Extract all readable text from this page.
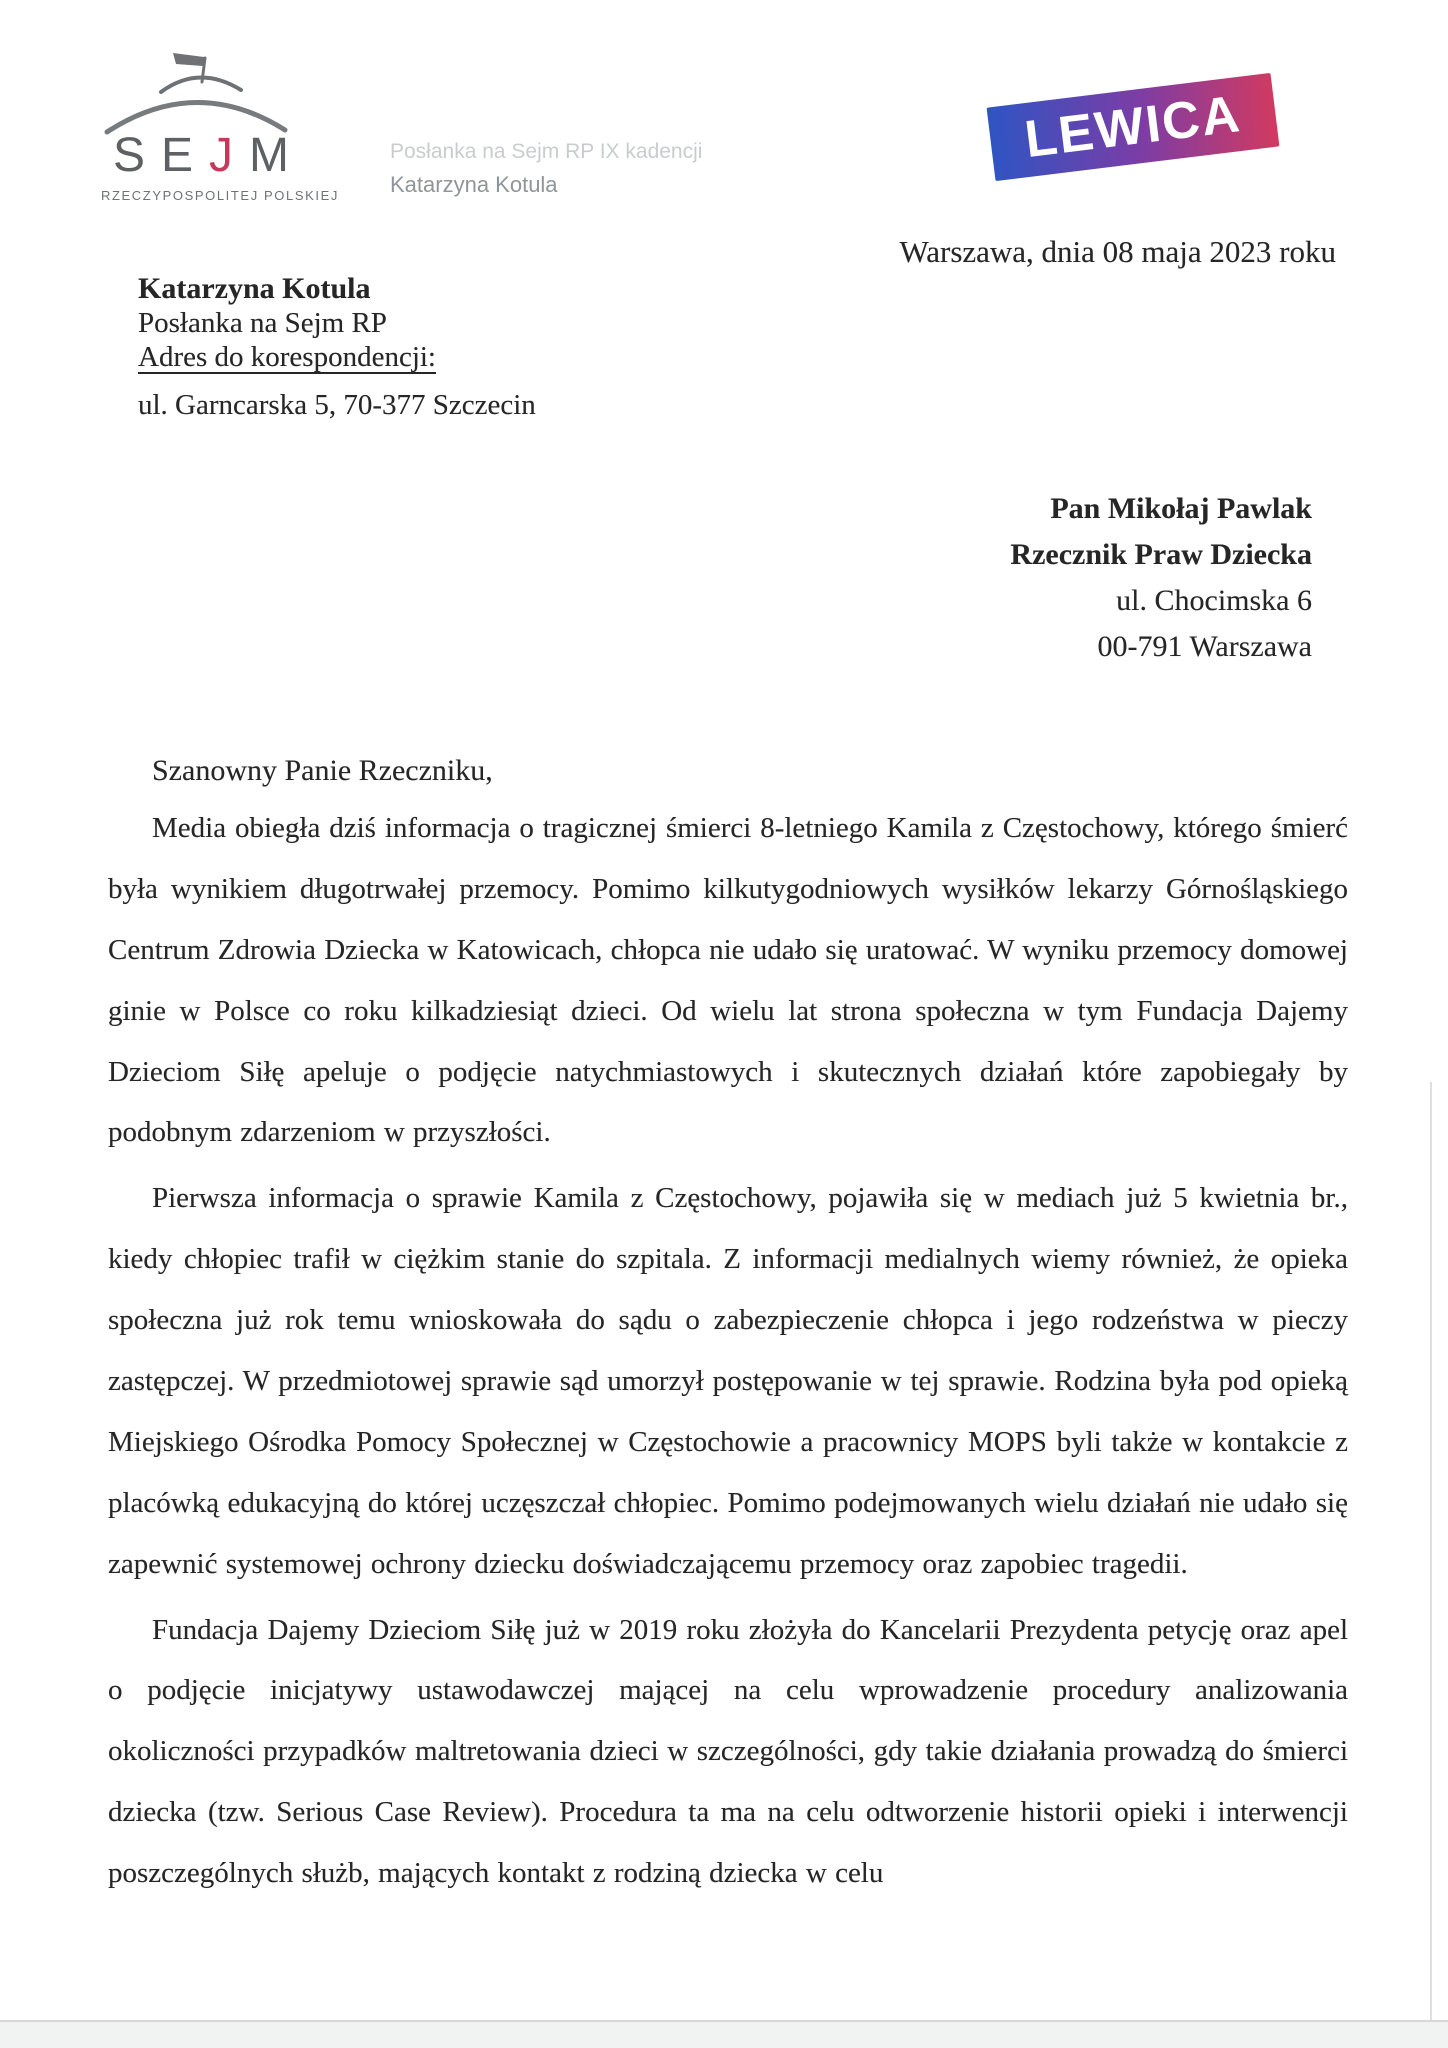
SEJM
RZECZYPOSPOLITEJ POLSKIEJ
Posłanka na Sejm RP IX kadencji
Katarzyna Kotula
LEWICA
Warszawa, dnia 08 maja 2023 roku
Katarzyna Kotula
Posłanka na Sejm RP
Adres do korespondencji:
ul. Garncarska 5, 70-377 Szczecin
Pan Mikołaj Pawlak
Rzecznik Praw Dziecka
ul. Chocimska 6
00-791 Warszawa
Szanowny Panie Rzeczniku,

Media obiegła dziś informacja o tragicznej śmierci 8-letniego Kamila z Częstochowy, którego śmierć była wynikiem długotrwałej przemocy. Pomimo kilkutygodniowych wysiłków lekarzy Górnośląskiego Centrum Zdrowia Dziecka w Katowicach, chłopca nie udało się uratować. W wyniku przemocy domowej ginie w Polsce co roku kilkadziesiąt dzieci. Od wielu lat strona społeczna w tym Fundacja Dajemy Dzieciom Siłę apeluje o podjęcie natychmiastowych i skutecznych działań które zapobiegały by podobnym zdarzeniom w przyszłości.

Pierwsza informacja o sprawie Kamila z Częstochowy, pojawiła się w mediach już 5 kwietnia br., kiedy chłopiec trafił w ciężkim stanie do szpitala. Z informacji medialnych wiemy również, że opieka społeczna już rok temu wnioskowała do sądu o zabezpieczenie chłopca i jego rodzeństwa w pieczy zastępczej. W przedmiotowej sprawie sąd umorzył postępowanie w tej sprawie. Rodzina była pod opieką Miejskiego Ośrodka Pomocy Społecznej w Częstochowie a pracownicy MOPS byli także w kontakcie z placówką edukacyjną do której uczęszczał chłopiec. Pomimo podejmowanych wielu działań nie udało się zapewnić systemowej ochrony dziecku doświadczającemu przemocy oraz zapobiec tragedii.

Fundacja Dajemy Dzieciom Siłę już w 2019 roku złożyła do Kancelarii Prezydenta petycję oraz apel o podjęcie inicjatywy ustawodawczej mającej na celu wprowadzenie procedury analizowania okoliczności przypadków maltretowania dzieci w szczególności, gdy takie działania prowadzą do śmierci dziecka (tzw. Serious Case Review). Procedura ta ma na celu odtworzenie historii opieki i interwencji poszczególnych służb, mających kontakt z rodziną dziecka w celu
